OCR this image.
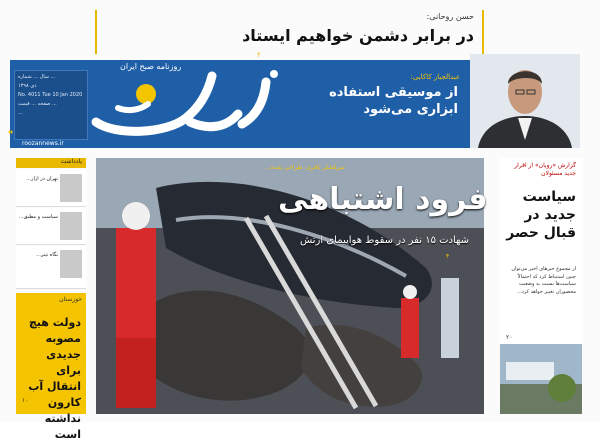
حسن روحانی:
در برابر دشمن خواهیم ایستاد
۲
سال ... شماره ...
دی ۱۳۹۸
No. 4011 Tue 10 Jan 2020
صفحه ... قیمت ...
...
roozannews.ir
روزنامه صبح ایران
عبدالجبار کاکایی:
از موسیقی استفاده ابزاری می‌شود
❞
یادداشت
تهران در ازار...
سیاست و مطبق...
نگاه تیتر...
خوزستان
دولت هیچ مصوبه جدیدی برای انتقال آب کارون نداشته است
۱۰
سرلشکر باقری: طراحی شده...
فرود اشتباهی
شهادت ۱۵ نفر در سقوط هواپیمای ارتش
۴
گزارش «رویان» از اقرار جدید مسئولان
سیاست جدید در قبال حصر
از مجموع خبرهای اخیر می‌توان چنین استنباط کرد که احتمالاً سیاست‌ها نسبت به وضعیت محصوران تغییر خواهد کرد...
۲۰
